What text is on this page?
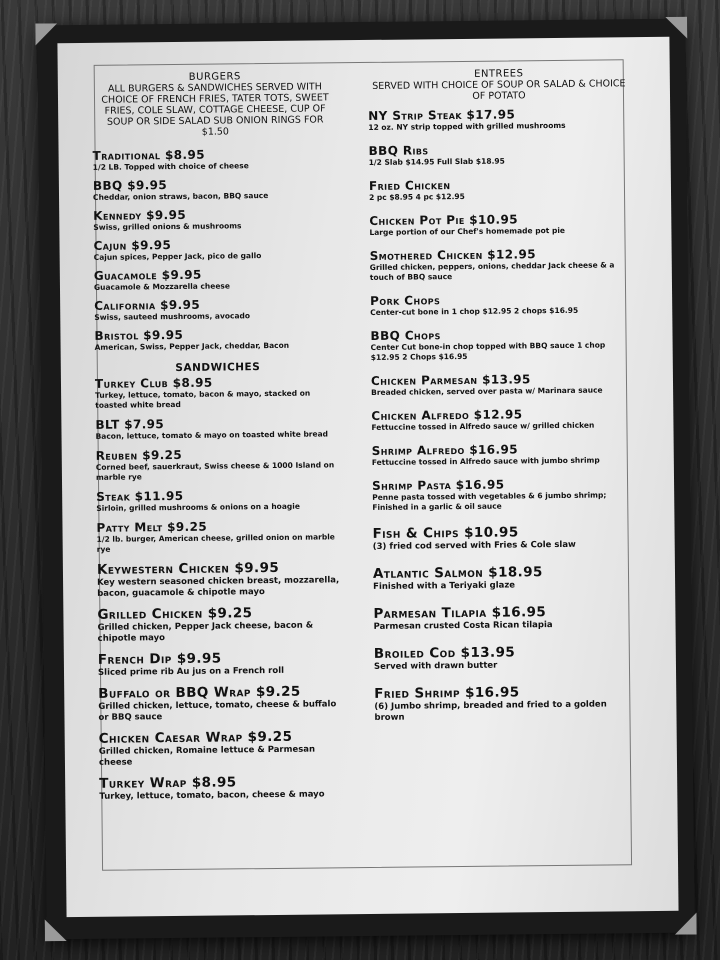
BURGERS
ALL BURGERS & SANDWICHES SERVED WITH CHOICE OF FRENCH FRIES, TATER TOTS, SWEET FRIES, COLE SLAW, COTTAGE CHEESE, CUP OF SOUP OR SIDE SALAD SUB ONION RINGS FOR $1.50
Traditional $8.95
1/2 LB. Topped with choice of cheese
BBQ $9.95
Cheddar, onion straws, bacon, BBQ sauce
Kennedy $9.95
Swiss, grilled onions & mushrooms
Cajun $9.95
Cajun spices, Pepper Jack, pico de gallo
Guacamole $9.95
Guacamole & Mozzarella cheese
California $9.95
Swiss, sauteed mushrooms, avocado
Bristol $9.95
American, Swiss, Pepper Jack, cheddar, Bacon
SANDWICHES
Turkey Club $8.95
Turkey, lettuce, tomato, bacon & mayo, stacked on toasted white bread
BLT $7.95
Bacon, lettuce, tomato & mayo on toasted white bread
Reuben $9.25
Corned beef, sauerkraut, Swiss cheese & 1000 Island on marble rye
Steak $11.95
Sirloin, grilled mushrooms & onions on a hoagie
Patty Melt $9.25
1/2 lb. burger, American cheese, grilled onion on marble rye
Keywestern Chicken $9.95
Key western seasoned chicken breast, mozzarella, bacon, guacamole & chipotle mayo
Grilled Chicken $9.25
Grilled chicken, Pepper Jack cheese, bacon & chipotle mayo
French Dip $9.95
Sliced prime rib Au jus on a French roll
Buffalo or BBQ Wrap $9.25
Grilled chicken, lettuce, tomato, cheese & buffalo or BBQ sauce
Chicken Caesar Wrap $9.25
Grilled chicken, Romaine lettuce & Parmesan cheese
Turkey Wrap $8.95
Turkey, lettuce, tomato, bacon, cheese & mayo
ENTREES
SERVED WITH CHOICE OF SOUP OR SALAD & CHOICE OF POTATO
NY Strip Steak $17.95
12 oz. NY strip topped with grilled mushrooms
BBQ Ribs
1/2 Slab $14.95 Full Slab $18.95
Fried Chicken
2 pc $8.95 4 pc $12.95
Chicken Pot Pie $10.95
Large portion of our Chef's homemade pot pie
Smothered Chicken $12.95
Grilled chicken, peppers, onions, cheddar Jack cheese & a touch of BBQ sauce
Pork Chops
Center-cut bone in 1 chop $12.95 2 chops $16.95
BBQ Chops
Center Cut bone-in chop topped with BBQ sauce 1 chop $12.95 2 Chops $16.95
Chicken Parmesan $13.95
Breaded chicken, served over pasta w/ Marinara sauce
Chicken Alfredo $12.95
Fettuccine tossed in Alfredo sauce w/ grilled chicken
Shrimp Alfredo $16.95
Fettuccine tossed in Alfredo sauce with jumbo shrimp
Shrimp Pasta $16.95
Penne pasta tossed with vegetables & 6 jumbo shrimp; Finished in a garlic & oil sauce
Fish & Chips $10.95
(3) fried cod served with Fries & Cole slaw
Atlantic Salmon $18.95
Finished with a Teriyaki glaze
Parmesan Tilapia $16.95
Parmesan crusted Costa Rican tilapia
Broiled Cod $13.95
Served with drawn butter
Fried Shrimp $16.95
(6) Jumbo shrimp, breaded and fried to a golden brown
